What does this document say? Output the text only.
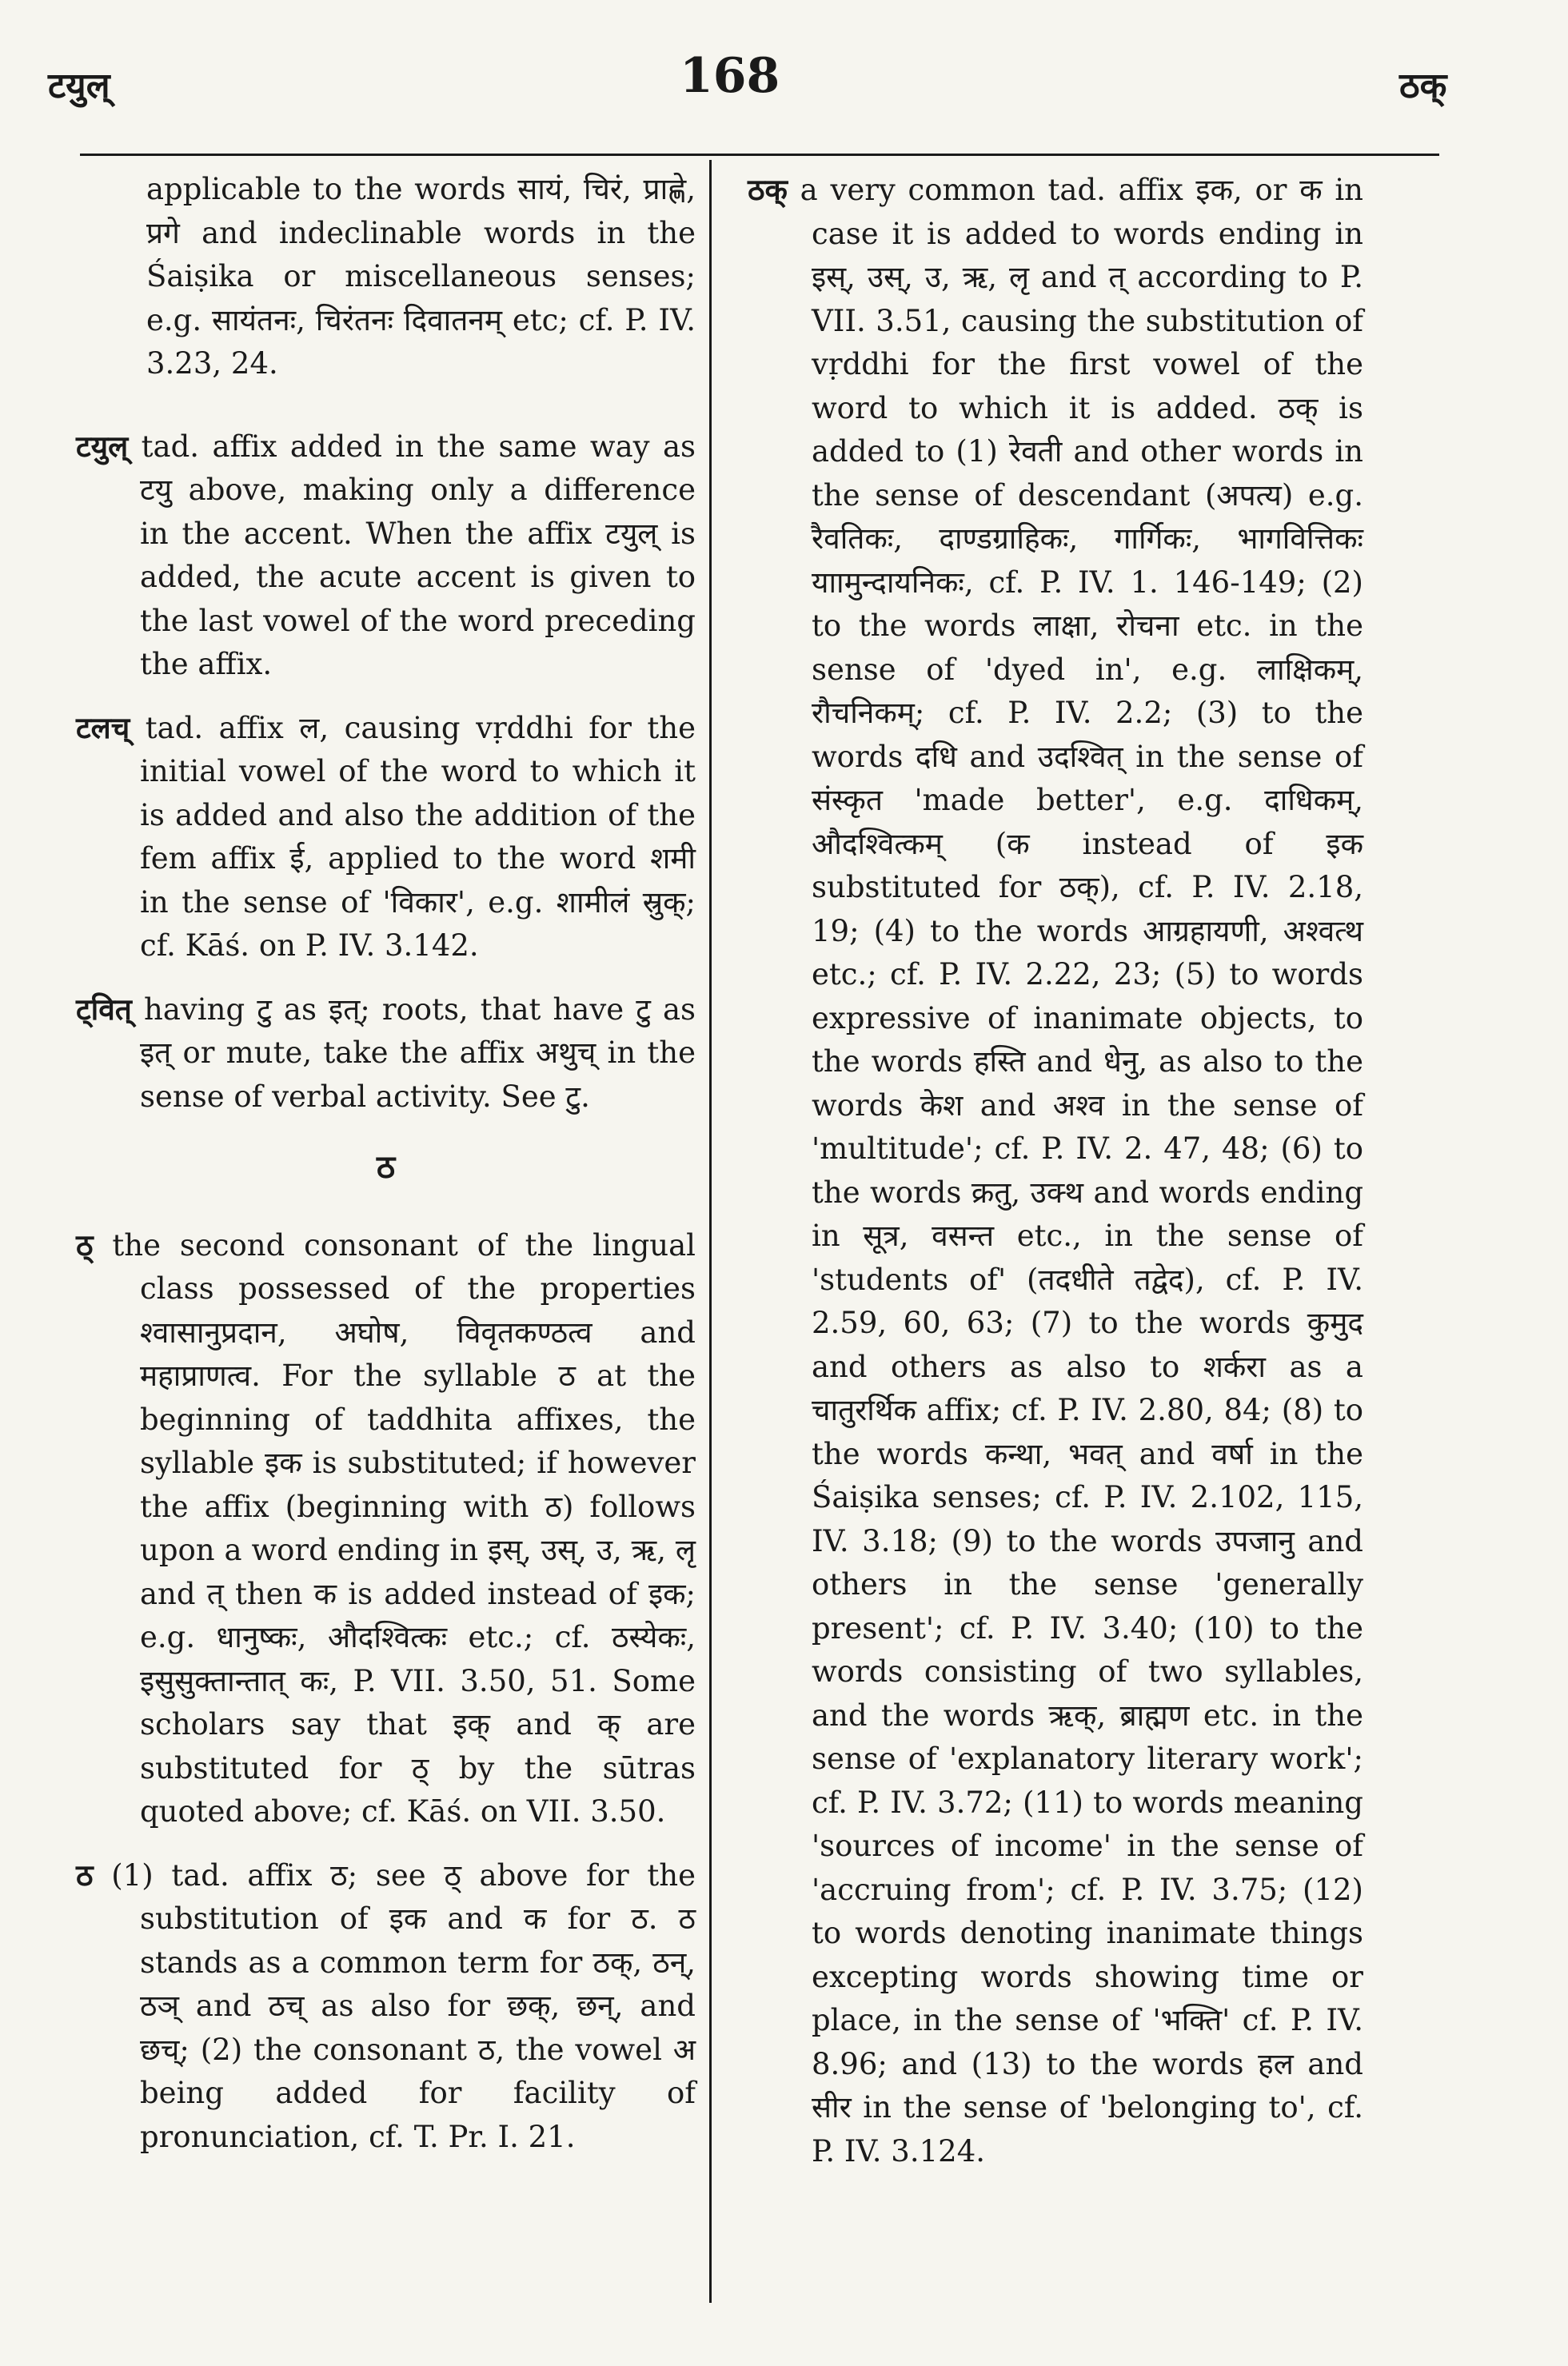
टयुल्	168	ठक्

applicable to the words सायं, चिरं, प्राह्णे, प्रगे and indeclinable words in the Śaiṣika or miscellaneous senses; e.g. सायंतनः, चिरंतनः दिवातनम् etc; cf. P. IV. 3.23, 24.

टयुल् tad. affix added in the same way as टयु above, making only a difference in the accent. When the affix टयुल् is added, the acute accent is given to the last vowel of the word preceding the affix.

टलच् tad. affix ल, causing vṛddhi for the initial vowel of the word to which it is added and also the addition of the fem affix ई, applied to the word शमी in the sense of 'विकार', e.g. शामीलं स्रुक्; cf. Kāś. on P. IV. 3.142.

ट्वित् having टु as इत्; roots, that have टु as इत् or mute, take the affix अथुच् in the sense of verbal activity. See टु.

ठ

ठ् the second consonant of the lingual class possessed of the properties श्वासानुप्रदान, अघोष, विवृतकण्ठत्व and महाप्राणत्व. For the syllable ठ at the beginning of taddhita affixes, the syllable इक is substituted; if however the affix (beginning with ठ) follows upon a word ending in इस्, उस्, उ, ऋ, लृ and त् then क is added instead of इक; e.g. धानुष्कः, औदश्वित्कः etc.; cf. ठस्येकः, इसुसुक्तान्तात् कः, P. VII. 3.50, 51. Some scholars say that इक् and क् are substituted for ठ् by the sūtras quoted above; cf. Kāś. on VII. 3.50.

ठ (1) tad. affix ठ; see ठ् above for the substitution of इक and क for ठ. ठ stands as a common term for ठक्, ठन्, ठञ् and ठच् as also for छक्, छन्, and छच्; (2) the consonant ठ, the vowel अ being added for facility of pronunciation, cf. T. Pr. I. 21.

ठक् a very common tad. affix इक, or क in case it is added to words ending in इस्, उस्, उ, ऋ, लृ and त् according to P. VII. 3.51, causing the substitution of vṛddhi for the first vowel of the word to which it is added. ठक् is added to (1) रेवती and other words in the sense of descendant (अपत्य) e.g. रैवतिकः, दाण्डग्राहिकः, गार्गिकः, भागवित्तिकः याामुन्दायनिकः, cf. P. IV. 1. 146-149; (2) to the words लाक्षा, रोचना etc. in the sense of 'dyed in', e.g. लाक्षिकम्, रौचनिकम्; cf. P. IV. 2.2; (3) to the words दधि and उदश्वित् in the sense of संस्कृत 'made better', e.g. दाधिकम्, औदश्वित्कम् (क instead of इक substituted for ठक्), cf. P. IV. 2.18, 19; (4) to the words आग्रहायणी, अश्वत्थ etc.; cf. P. IV. 2.22, 23; (5) to words expressive of inanimate objects, to the words हस्ति and धेनु, as also to the words केश and अश्व in the sense of 'multitude'; cf. P. IV. 2. 47, 48; (6) to the words क्रतु, उक्थ and words ending in सूत्र, वसन्त etc., in the sense of 'students of' (तदधीते तद्वेद), cf. P. IV. 2.59, 60, 63; (7) to the words कुमुद and others as also to शर्करा as a चातुरर्थिक affix; cf. P. IV. 2.80, 84; (8) to the words कन्था, भवत् and वर्षा in the Śaiṣika senses; cf. P. IV. 2.102, 115, IV. 3.18; (9) to the words उपजानु and others in the sense 'generally present'; cf. P. IV. 3.40; (10) to the words consisting of two syllables, and the words ऋक्, ब्राह्मण etc. in the sense of 'explanatory literary work'; cf. P. IV. 3.72; (11) to words meaning 'sources of income' in the sense of 'accruing from'; cf. P. IV. 3.75; (12) to words denoting inanimate things excepting words showing time or place, in the sense of 'भक्ति' cf. P. IV. 8.96; and (13) to the words हल and सीर in the sense of 'belonging to', cf. P. IV. 3.124.
